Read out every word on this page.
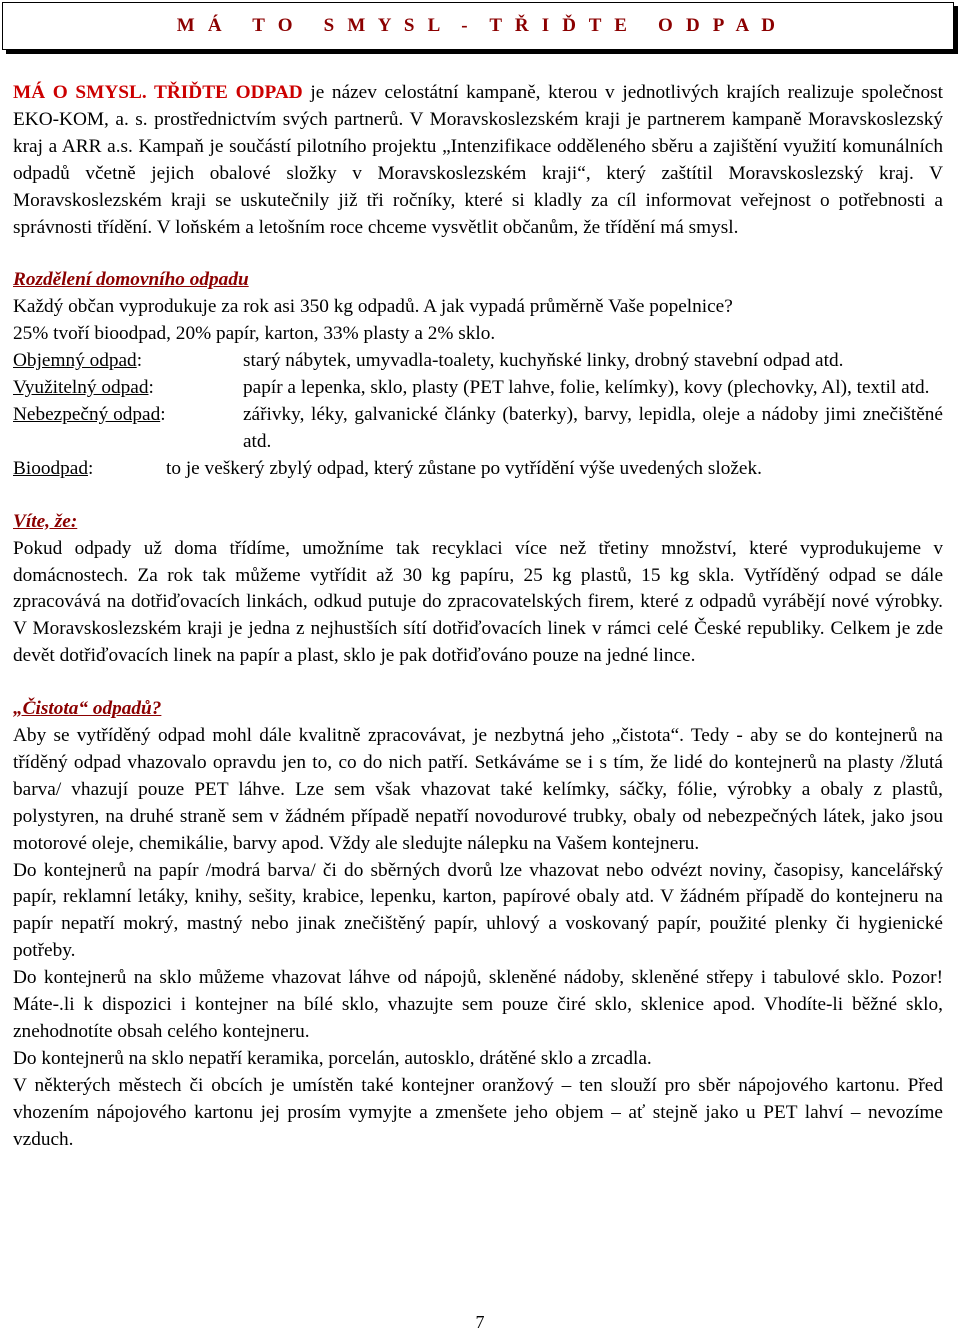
M Á   T O   S M Y S L  -  T Ř I Ď T E   O D P A D

MÁ O SMYSL. TŘIĎTE ODPAD je název celostátní kampaně, kterou v jednotlivých krajích realizuje společnost EKO-KOM, a. s. prostřednictvím svých partnerů. V Moravskoslezském kraji je partnerem kampaně Moravskoslezský kraj a ARR a.s. Kampaň je součástí pilotního projektu „Intenzifikace odděleného sběru a zajištění využití komunálních odpadů včetně jejich obalové složky v Moravskoslezském kraji“, který zaštítil Moravskoslezský kraj. V Moravskoslezském kraji se uskutečnily již tři ročníky, které si kladly za cíl informovat veřejnost o potřebnosti a správnosti třídění. V loňském a letošním roce chceme vysvětlit občanům, že třídění má smysl.

Rozdělení domovního odpadu

Každý občan vyprodukuje za rok asi 350 kg odpadů. A jak vypadá průměrně Vaše popelnice?

25% tvoří bioodpad, 20% papír, karton, 33% plasty a 2% sklo.

Objemný odpad:	starý nábytek, umyvadla-toalety, kuchyňské linky, drobný stavební odpad atd.
Využitelný odpad:	papír a lepenka, sklo, plasty (PET lahve, folie, kelímky), kovy (plechovky, Al), textil atd.
Nebezpečný odpad:	zářivky, léky, galvanické články (baterky), barvy, lepidla, oleje a nádoby jimi znečištěné atd.
Bioodpad:	to je veškerý zbylý odpad, který zůstane po vytřídění výše uvedených složek.
Víte, že:

Pokud odpady už doma třídíme, umožníme tak recyklaci více než třetiny množství, které vyprodukujeme v domácnostech. Za rok tak můžeme vytřídit až 30 kg papíru, 25 kg plastů, 15 kg skla. Vytříděný odpad se dále zpracovává na dotřiďovacích linkách, odkud putuje do zpracovatelských firem, které z odpadů vyrábějí nové výrobky. V Moravskoslezském kraji je jedna z nejhustších sítí dotřiďovacích linek v rámci celé České republiky. Celkem je zde devět dotřiďovacích linek na papír a plast, sklo je pak dotřiďováno pouze na jedné lince.

„Čistota“ odpadů?

Aby se vytříděný odpad mohl dále kvalitně zpracovávat, je nezbytná jeho „čistota“. Tedy - aby se do kontejnerů na tříděný odpad vhazovalo opravdu jen to, co do nich patří. Setkáváme se i s tím, že lidé do kontejnerů na plasty /žlutá barva/ vhazují pouze PET láhve. Lze sem však vhazovat také kelímky, sáčky, fólie, výrobky a obaly z plastů, polystyren, na druhé straně sem v žádném případě nepatří novodurové trubky, obaly od nebezpečných látek, jako jsou motorové oleje, chemikálie, barvy apod. Vždy ale sledujte nálepku na Vašem kontejneru.

Do kontejnerů na papír /modrá barva/ či do sběrných dvorů lze vhazovat nebo odvézt noviny, časopisy, kancelářský papír, reklamní letáky, knihy, sešity, krabice, lepenku, karton, papírové obaly atd. V žádném případě do kontejneru na papír nepatří mokrý, mastný nebo jinak znečištěný papír, uhlový a voskovaný papír, použité plenky či hygienické potřeby.

Do kontejnerů na sklo můžeme vhazovat láhve od nápojů, skleněné nádoby, skleněné střepy i tabulové sklo. Pozor! Máte-.li k dispozici i kontejner na bílé sklo, vhazujte sem pouze čiré sklo, sklenice apod. Vhodíte-li běžné sklo, znehodnotíte obsah celého kontejneru.

Do kontejnerů na sklo nepatří keramika, porcelán, autosklo, drátěné sklo a zrcadla.

V některých městech či obcích je umístěn také kontejner oranžový – ten slouží pro sběr nápojového kartonu. Před vhozením nápojového kartonu jej prosím vymyjte a zmenšete jeho objem – ať stejně jako u PET lahví – nevozíme vzduch.

7
